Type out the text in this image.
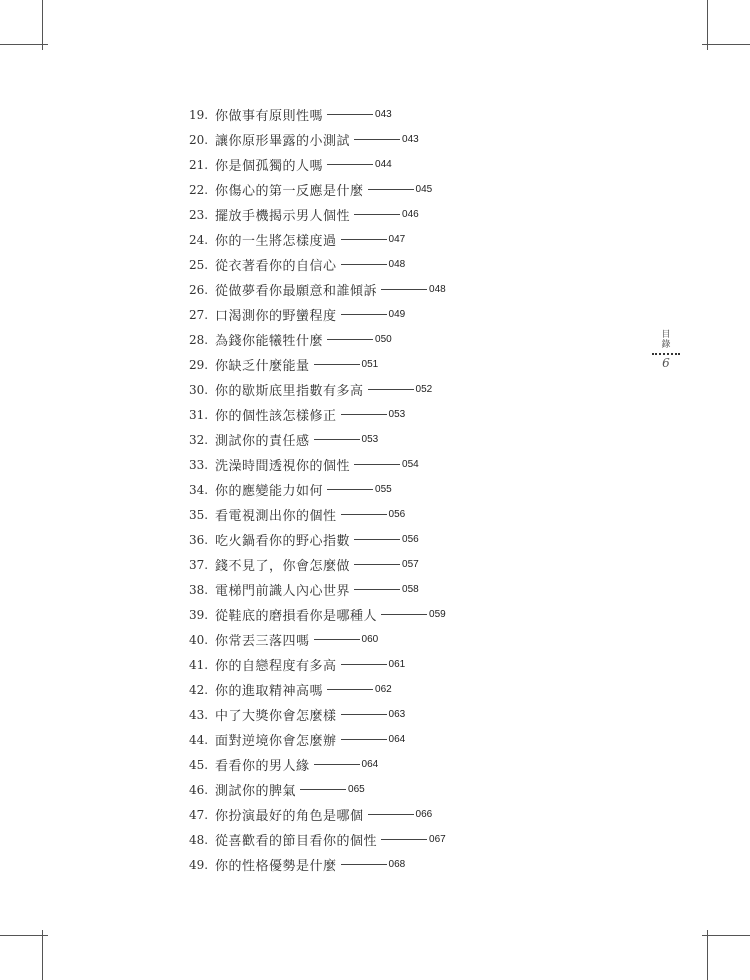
19. 你做事有原則性嗎	043
20. 讓你原形畢露的小測試	043
21. 你是個孤獨的人嗎	044
22. 你傷心的第一反應是什麼	045
23. 擺放手機揭示男人個性	046
24. 你的一生將怎樣度過	047
25. 從衣著看你的自信心	048
26. 從做夢看你最願意和誰傾訴	048
27. 口渴測你的野蠻程度	049
28. 為錢你能犧牲什麼	050
29. 你缺乏什麼能量	051
30. 你的歇斯底里指數有多高	052
31. 你的個性該怎樣修正	053
32. 測試你的責任感	053
33. 洗澡時間透視你的個性	054
34. 你的應變能力如何	055
35. 看電視測出你的個性	056
36. 吃火鍋看你的野心指數	056
37. 錢不見了，你會怎麼做	057
38. 電梯門前識人內心世界	058
39. 從鞋底的磨損看你是哪種人	059
40. 你常丟三落四嗎	060
41. 你的自戀程度有多高	061
42. 你的進取精神高嗎	062
43. 中了大獎你會怎麼樣	063
44. 面對逆境你會怎麼辦	064
45. 看看你的男人緣	064
46. 測試你的脾氣	065
47. 你扮演最好的角色是哪個	066
48. 從喜歡看的節目看你的個性	067
49. 你的性格優勢是什麼	068
目錄
6
